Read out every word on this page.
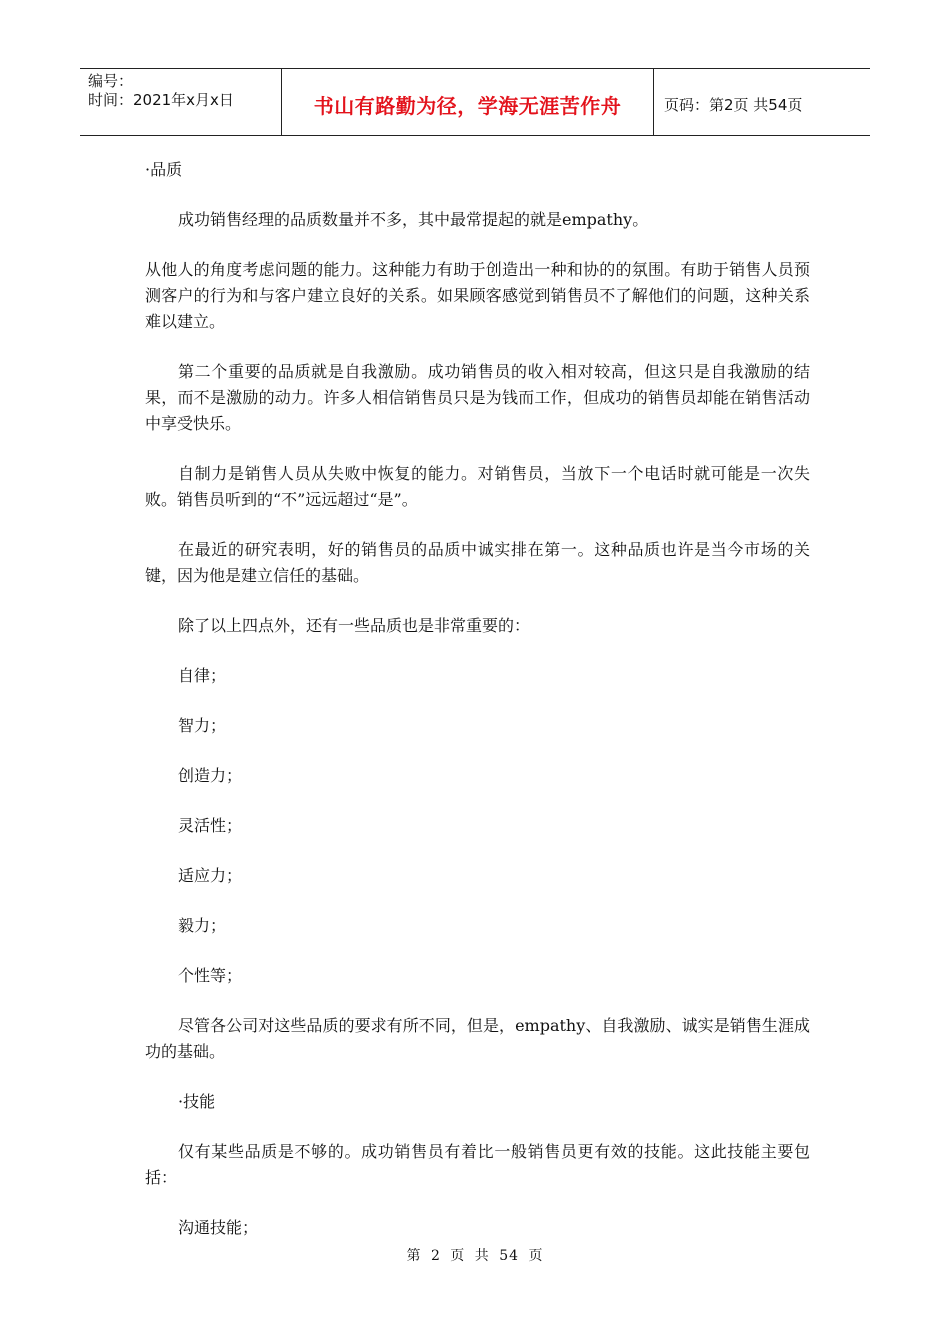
编号：
时间：2021年x月x日	书山有路勤为径，学海无涯苦作舟	页码：第2页 共54页

·品质

成功销售经理的品质数量并不多，其中最常提起的就是empathy。

从他人的角度考虑问题的能力。这种能力有助于创造出一种和协的的氛围。有助于销售人员预测客户的行为和与客户建立良好的关系。如果顾客感觉到销售员不了解他们的问题，这种关系难以建立。

第二个重要的品质就是自我激励。成功销售员的收入相对较高，但这只是自我激励的结果，而不是激励的动力。许多人相信销售员只是为钱而工作，但成功的销售员却能在销售活动中享受快乐。

自制力是销售人员从失败中恢复的能力。对销售员，当放下一个电话时就可能是一次失败。销售员听到的“不”远远超过“是”。

在最近的研究表明，好的销售员的品质中诚实排在第一。这种品质也许是当今市场的关键，因为他是建立信任的基础。

除了以上四点外，还有一些品质也是非常重要的：

自律；

智力；

创造力；

灵活性；

适应力；

毅力；

个性等；

尽管各公司对这些品质的要求有所不同，但是，empathy、自我激励、诚实是销售生涯成功的基础。

·技能

仅有某些品质是不够的。成功销售员有着比一般销售员更有效的技能。这此技能主要包括：

沟通技能；

第 2 页 共 54 页
